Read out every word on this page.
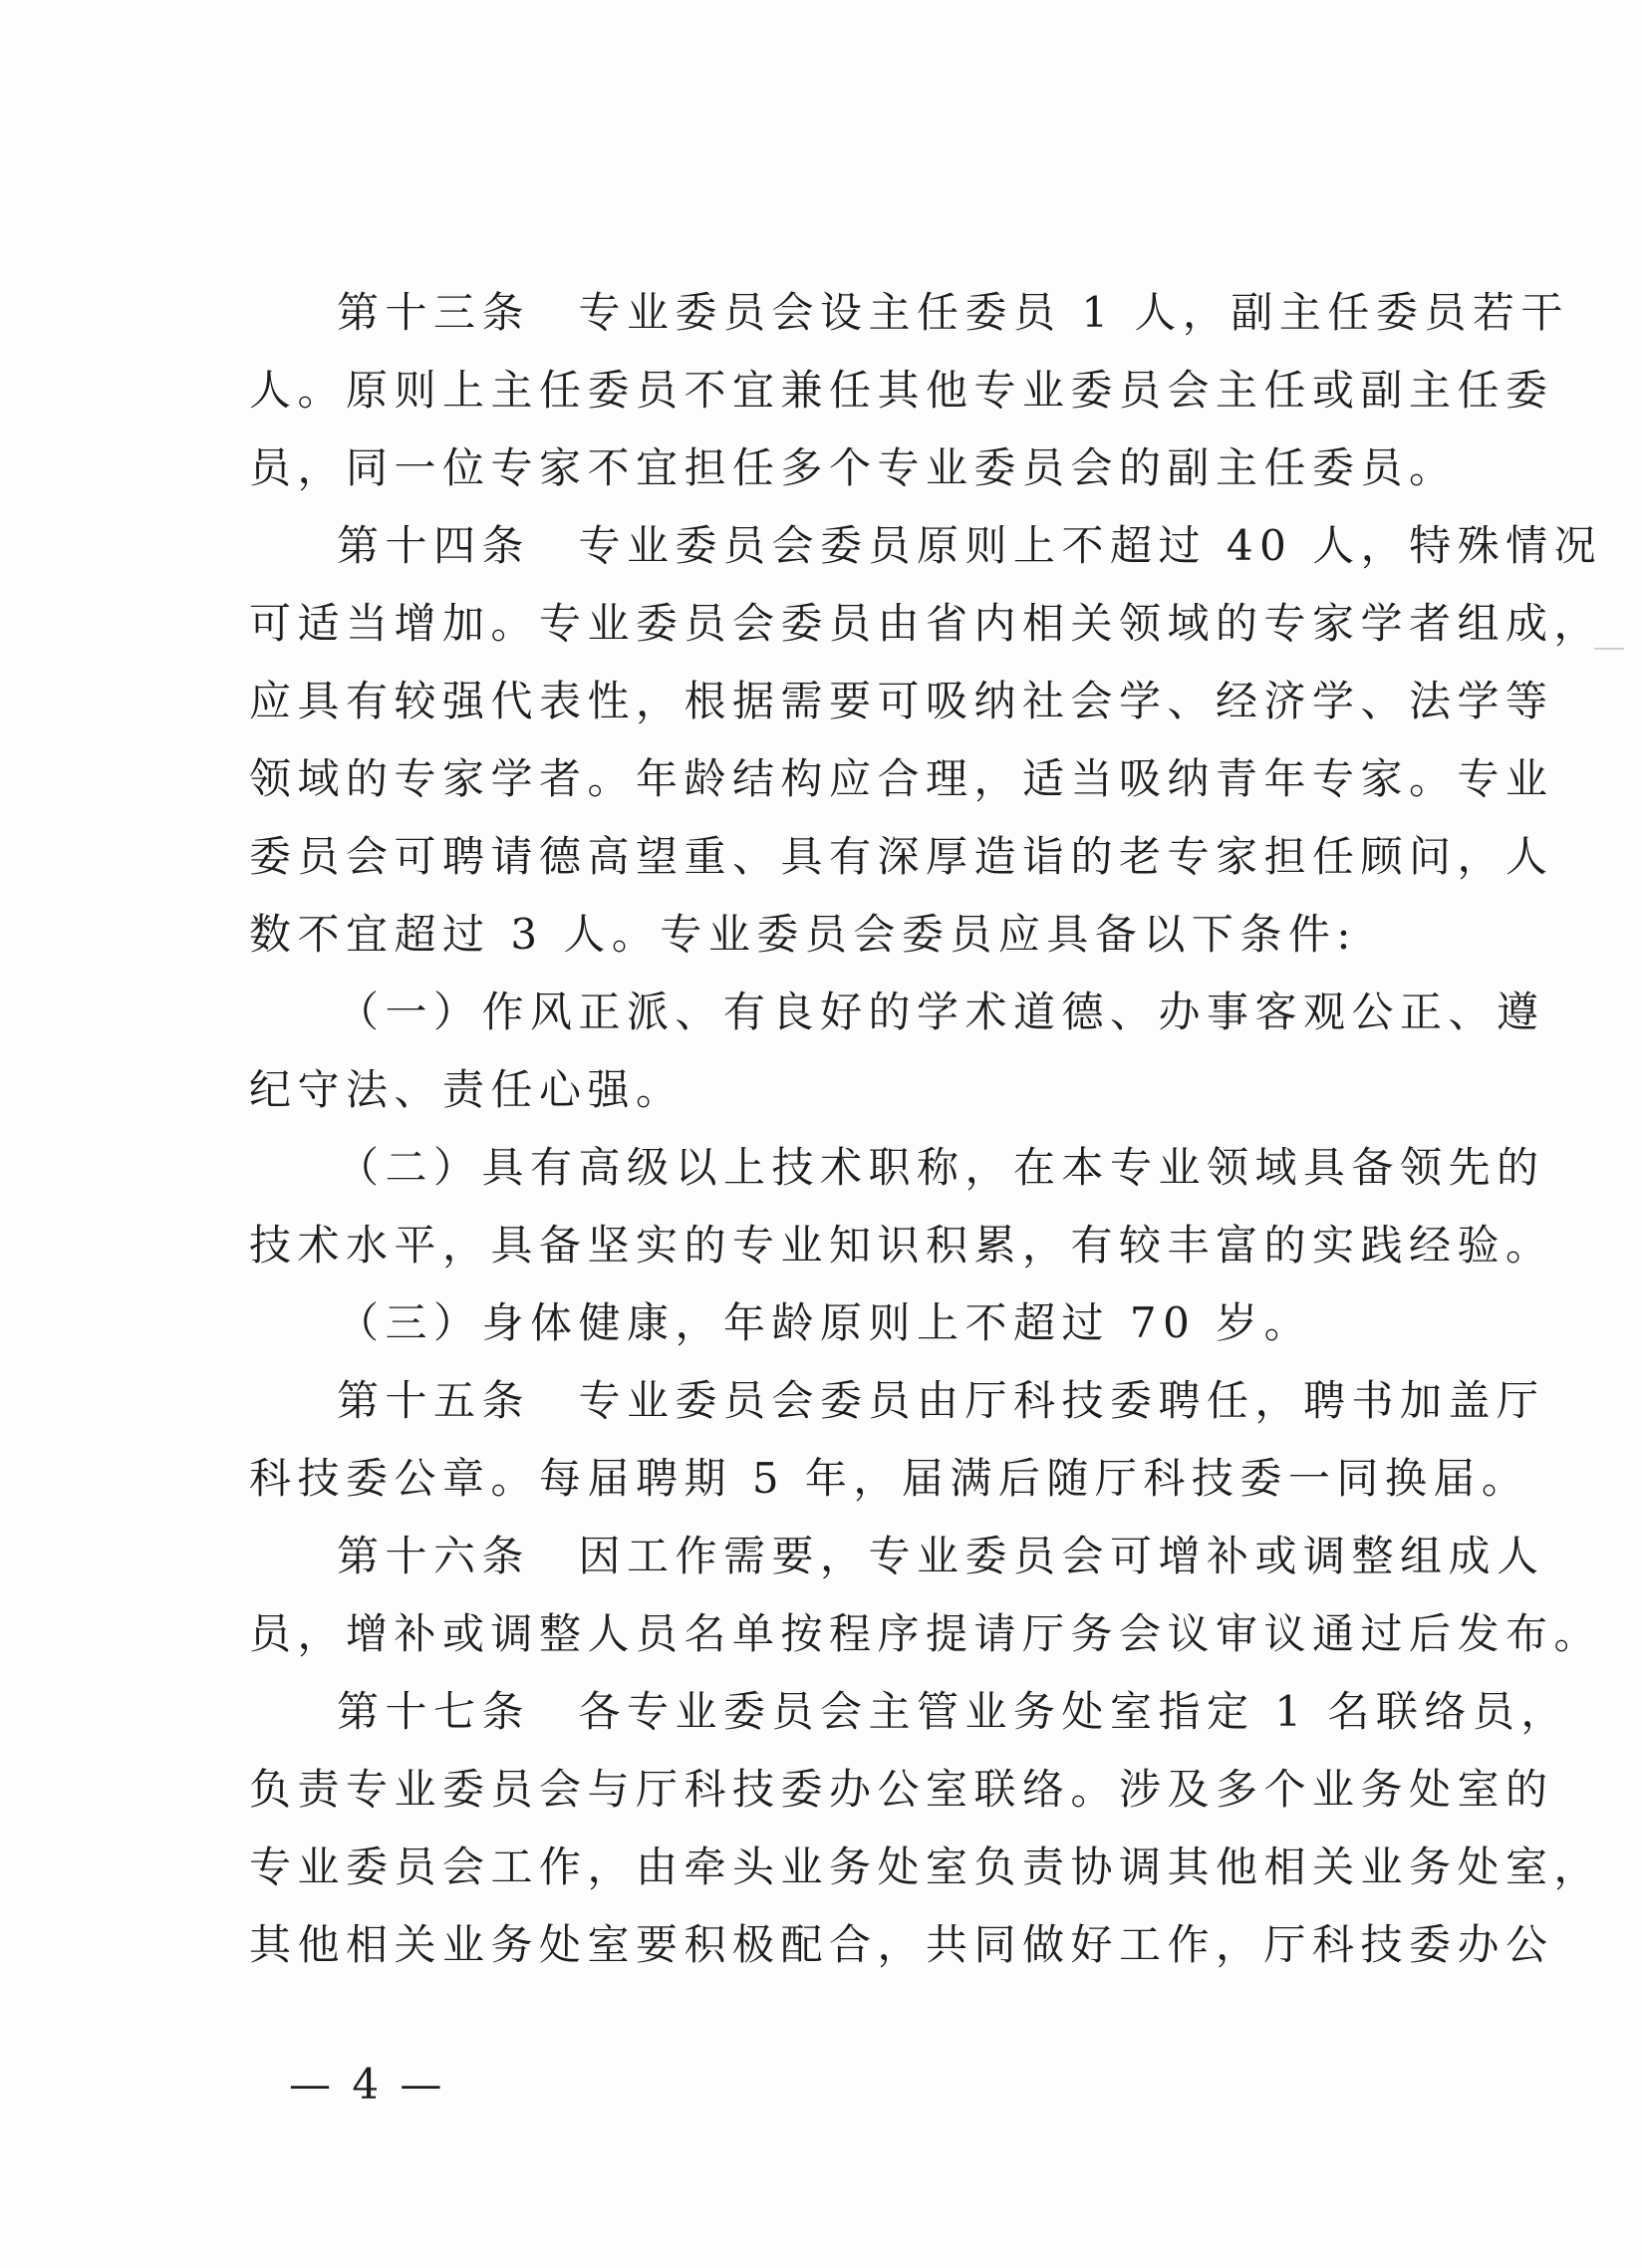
第十三条　专业委员会设主任委员 1 人，副主任委员若干
人。原则上主任委员不宜兼任其他专业委员会主任或副主任委
员，同一位专家不宜担任多个专业委员会的副主任委员。
第十四条　专业委员会委员原则上不超过 40 人，特殊情况
可适当增加。专业委员会委员由省内相关领域的专家学者组成，
应具有较强代表性，根据需要可吸纳社会学、经济学、法学等
领域的专家学者。年龄结构应合理，适当吸纳青年专家。专业
委员会可聘请德高望重、具有深厚造诣的老专家担任顾问，人
数不宜超过 3 人。专业委员会委员应具备以下条件:
（一）作风正派、有良好的学术道德、办事客观公正、遵
纪守法、责任心强。
（二）具有高级以上技术职称，在本专业领域具备领先的
技术水平，具备坚实的专业知识积累，有较丰富的实践经验。
（三）身体健康，年龄原则上不超过 70 岁。
第十五条　专业委员会委员由厅科技委聘任，聘书加盖厅
科技委公章。每届聘期 5 年，届满后随厅科技委一同换届。
第十六条　因工作需要，专业委员会可增补或调整组成人
员，增补或调整人员名单按程序提请厅务会议审议通过后发布。
第十七条　各专业委员会主管业务处室指定 1 名联络员，
负责专业委员会与厅科技委办公室联络。涉及多个业务处室的
专业委员会工作，由牵头业务处室负责协调其他相关业务处室，
其他相关业务处室要积极配合，共同做好工作，厅科技委办公
— 4 —
